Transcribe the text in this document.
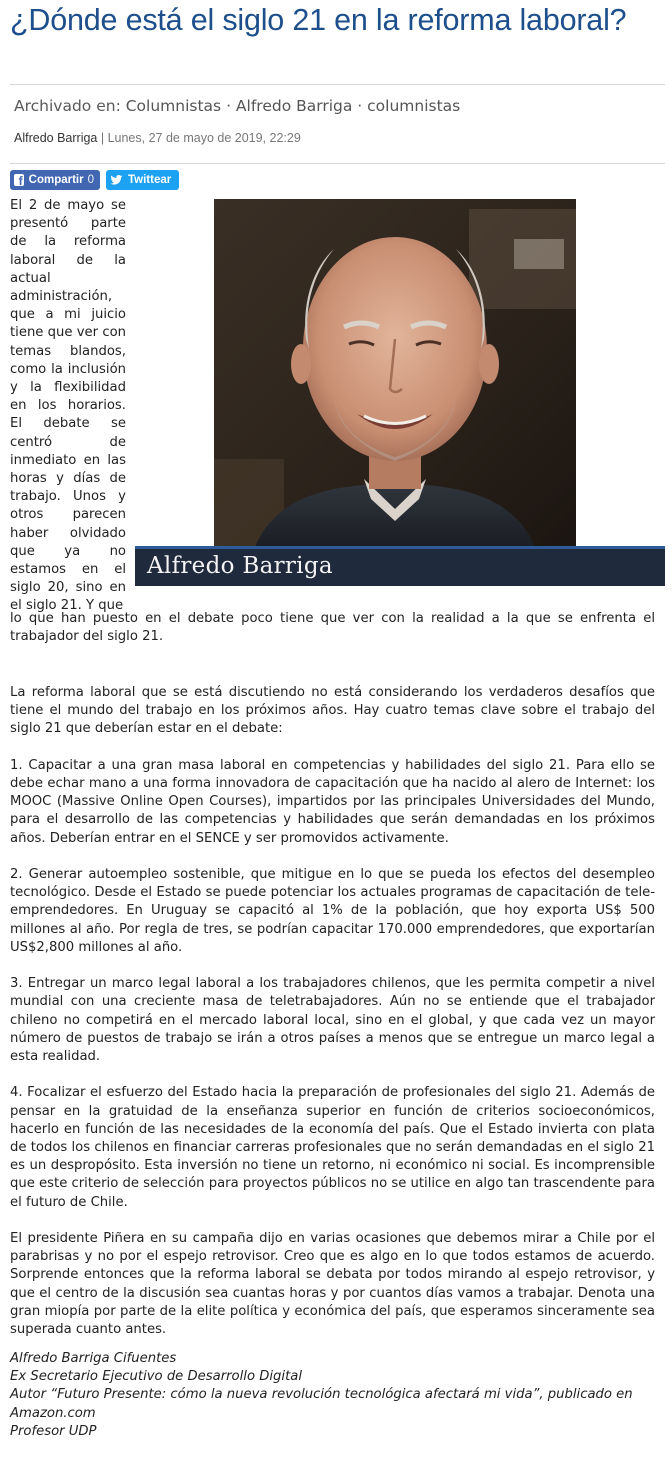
¿Dónde está el siglo 21 en la reforma laboral?
Archivado en: Columnistas · Alfredo Barriga · columnistas
Alfredo Barriga | Lunes, 27 de mayo de 2019, 22:29
f
Compartir 0	Twittear
El 2 de mayo se presentó parte de la reforma laboral de la actual administración, que a mi juicio tiene que ver con temas blandos, como la inclusión y la flexibilidad en los horarios. El debate se centró de inmediato en las horas y días de trabajo. Unos y otros parecen haber olvidado que ya no estamos en el siglo 20, sino en el siglo 21. Y que
Alfredo Barriga
lo que han puesto en el debate poco tiene que ver con la realidad a la que se enfrenta el trabajador del siglo 21.

La reforma laboral que se está discutiendo no está considerando los verdaderos desafíos que tiene el mundo del trabajo en los próximos años. Hay cuatro temas clave sobre el trabajo del siglo 21 que deberían estar en el debate:

1. Capacitar a una gran masa laboral en competencias y habilidades del siglo 21. Para ello se debe echar mano a una forma innovadora de capacitación que ha nacido al alero de Internet: los MOOC (Massive Online Open Courses), impartidos por las principales Universidades del Mundo, para el desarrollo de las competencias y habilidades que serán demandadas en los próximos años. Deberían entrar en el SENCE y ser promovidos activamente.

2. Generar autoempleo sostenible, que mitigue en lo que se pueda los efectos del desempleo tecnológico. Desde el Estado se puede potenciar los actuales programas de capacitación de tele-emprendedores. En Uruguay se capacitó al 1% de la población, que hoy exporta US$ 500 millones al año. Por regla de tres, se podrían capacitar 170.000 emprendedores, que exportarían US$2,800 millones al año.

3. Entregar un marco legal laboral a los trabajadores chilenos, que les permita competir a nivel mundial con una creciente masa de teletrabajadores. Aún no se entiende que el trabajador chileno no competirá en el mercado laboral local, sino en el global, y que cada vez un mayor número de puestos de trabajo se irán a otros países a menos que se entregue un marco legal a esta realidad.

4. Focalizar el esfuerzo del Estado hacia la preparación de profesionales del siglo 21. Además de pensar en la gratuidad de la enseñanza superior en función de criterios socioeconómicos, hacerlo en función de las necesidades de la economía del país. Que el Estado invierta con plata de todos los chilenos en financiar carreras profesionales que no serán demandadas en el siglo 21 es un despropósito. Esta inversión no tiene un retorno, ni económico ni social. Es incomprensible que este criterio de selección para proyectos públicos no se utilice en algo tan trascendente para el futuro de Chile.

El presidente Piñera en su campaña dijo en varias ocasiones que debemos mirar a Chile por el parabrisas y no por el espejo retrovisor. Creo que es algo en lo que todos estamos de acuerdo. Sorprende entonces que la reforma laboral se debata por todos mirando al espejo retrovisor, y que el centro de la discusión sea cuantas horas y por cuantos días vamos a trabajar. Denota una gran miopía por parte de la elite política y económica del país, que esperamos sinceramente sea superada cuanto antes.

Alfredo Barriga Cifuentes
Ex Secretario Ejecutivo de Desarrollo Digital
Autor “Futuro Presente: cómo la nueva revolución tecnológica afectará mi vida”, publicado en Amazon.com
Profesor UDP
